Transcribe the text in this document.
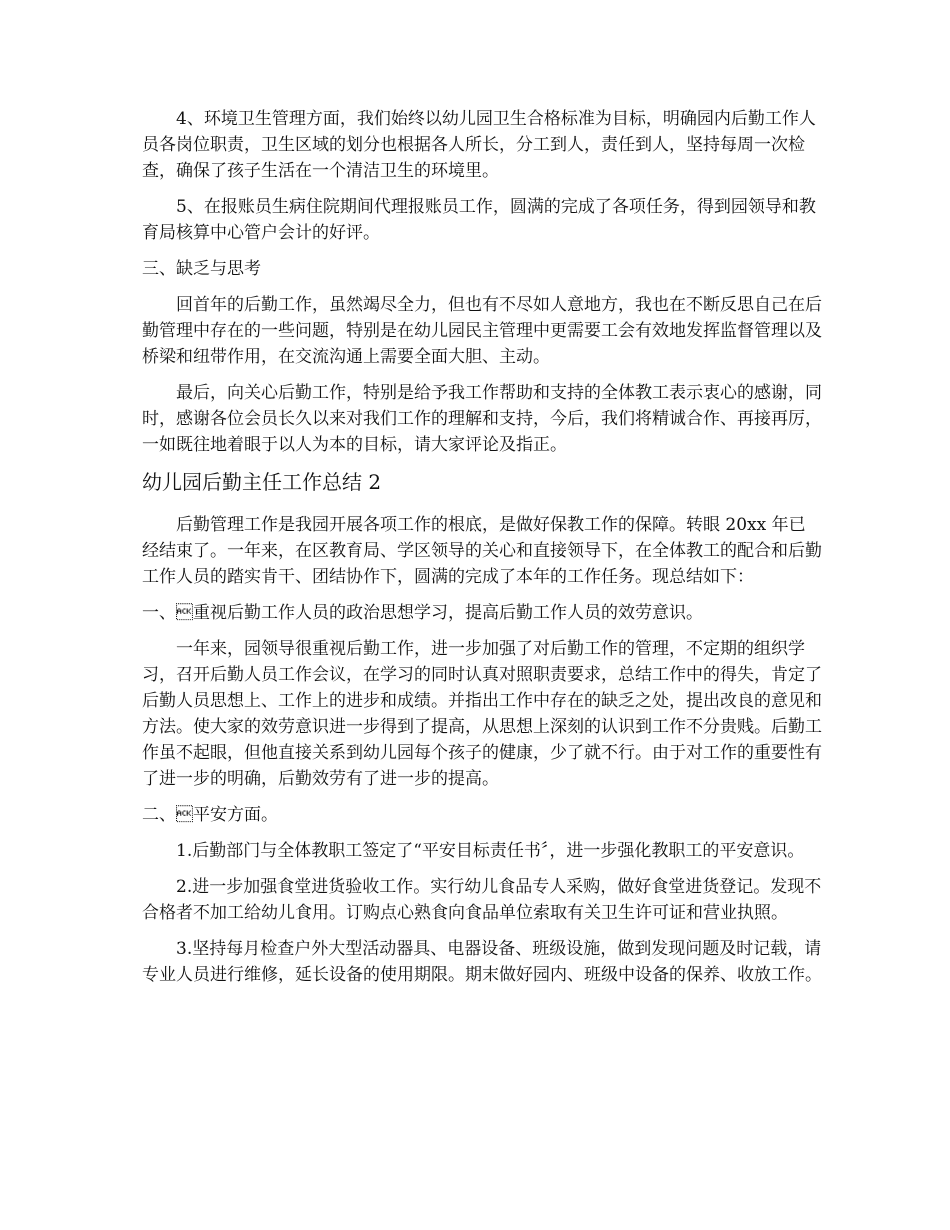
4、环境卫生管理方面，我们始终以幼儿园卫生合格标准为目标，明确园内后勤工作人员各岗位职责，卫生区域的划分也根据各人所长，分工到人，责任到人，坚持每周一次检查，确保了孩子生活在一个清洁卫生的环境里。

5、在报账员生病住院期间代理报账员工作，圆满的完成了各项任务，得到园领导和教育局核算中心管户会计的好评。

三、缺乏与思考

回首年的后勤工作，虽然竭尽全力，但也有不尽如人意地方，我也在不断反思自己在后勤管理中存在的一些问题，特别是在幼儿园民主管理中更需要工会有效地发挥监督管理以及桥梁和纽带作用，在交流沟通上需要全面大胆、主动。

最后，向关心后勤工作，特别是给予我工作帮助和支持的全体教工表示衷心的感谢，同时，感谢各位会员长久以来对我们工作的理解和支持，今后，我们将精诚合作、再接再厉，一如既往地着眼于以人为本的目标，请大家评论及指正。

幼儿园后勤主任工作总结 2

后勤管理工作是我园开展各项工作的根底，是做好保教工作的保障。转眼 20xx 年已经结束了。一年来，在区教育局、学区领导的关心和直接领导下，在全体教工的配合和后勤工作人员的踏实肯干、团结协作下，圆满的完成了本年的工作任务。现总结如下：

一、重视后勤工作人员的政治思想学习，提高后勤工作人员的效劳意识。

一年来，园领导很重视后勤工作，进一步加强了对后勤工作的管理，不定期的组织学习，召开后勤人员工作会议，在学习的同时认真对照职责要求，总结工作中的得失，肯定了后勤人员思想上、工作上的进步和成绩。并指出工作中存在的缺乏之处，提出改良的意见和方法。使大家的效劳意识进一步得到了提高，从思想上深刻的认识到工作不分贵贱。后勤工作虽不起眼，但他直接关系到幼儿园每个孩子的健康，少了就不行。由于对工作的重要性有了进一步的明确，后勤效劳有了进一步的提高。

二、平安方面。

1.后勤部门与全体教职工签定了“平安目标责任书〞，进一步强化教职工的平安意识。

2.进一步加强食堂进货验收工作。实行幼儿食品专人采购，做好食堂进货登记。发现不合格者不加工给幼儿食用。订购点心熟食向食品单位索取有关卫生许可证和营业执照。

3.坚持每月检查户外大型活动器具、电器设备、班级设施，做到发现问题及时记载，请专业人员进行维修，延长设备的使用期限。期末做好园内、班级中设备的保养、收放工作。
